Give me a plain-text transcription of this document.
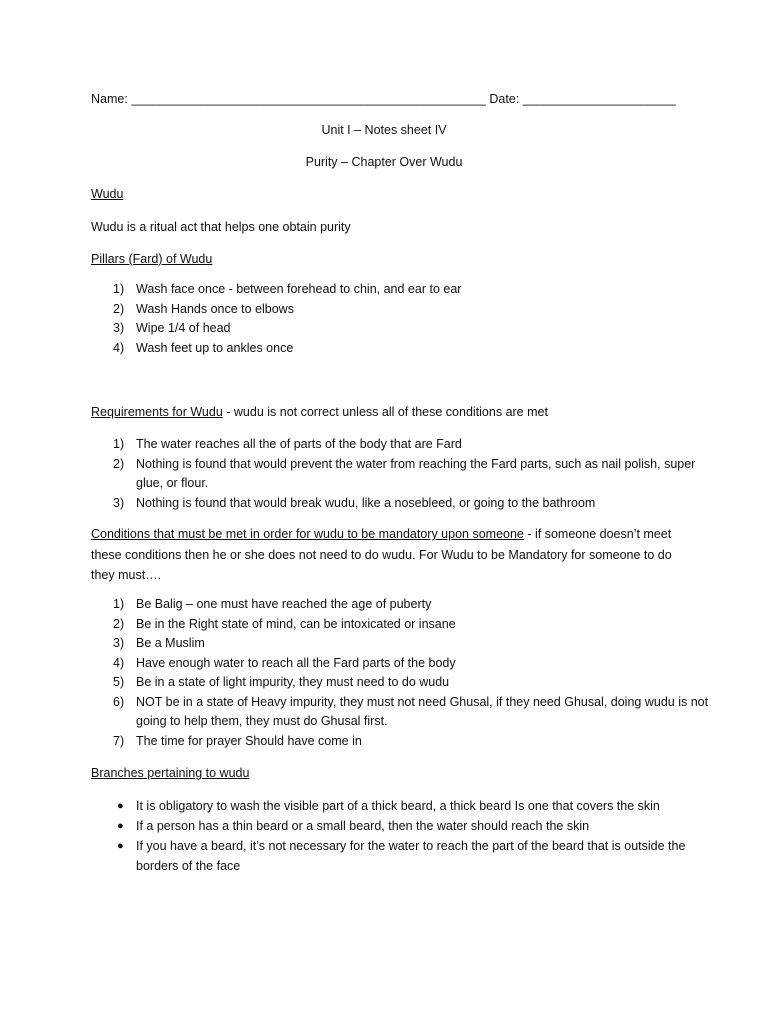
Name: ___________________________________________________ Date: ______________________
Unit I – Notes sheet IV
Purity – Chapter Over Wudu
Wudu
Wudu is a ritual act that helps one obtain purity
Pillars (Fard) of Wudu
1) Wash face once - between forehead to chin, and ear to ear
2) Wash Hands once to elbows
3) Wipe 1/4 of head
4) Wash feet up to ankles once
Requirements for Wudu - wudu is not correct unless all of these conditions are met
1) The water reaches all the of parts of the body that are Fard
2) Nothing is found that would prevent the water from reaching the Fard parts, such as nail polish, super glue, or flour.
3) Nothing is found that would break wudu, like a nosebleed, or going to the bathroom
Conditions that must be met in order for wudu to be mandatory upon someone - if someone doesn’t meet these conditions then he or she does not need to do wudu. For Wudu to be Mandatory for someone to do they must….
1) Be Balig – one must have reached the age of puberty
2) Be in the Right state of mind, can be intoxicated or insane
3) Be a Muslim
4) Have enough water to reach all the Fard parts of the body
5) Be in a state of light impurity, they must need to do wudu
6) NOT be in a state of Heavy impurity, they must not need Ghusal, if they need Ghusal, doing wudu is not going to help them, they must do Ghusal first.
7) The time for prayer Should have come in
Branches pertaining to wudu
● It is obligatory to wash the visible part of a thick beard, a thick beard Is one that covers the skin
● If a person has a thin beard or a small beard, then the water should reach the skin
● If you have a beard, it’s not necessary for the water to reach the part of the beard that is outside the borders of the face
